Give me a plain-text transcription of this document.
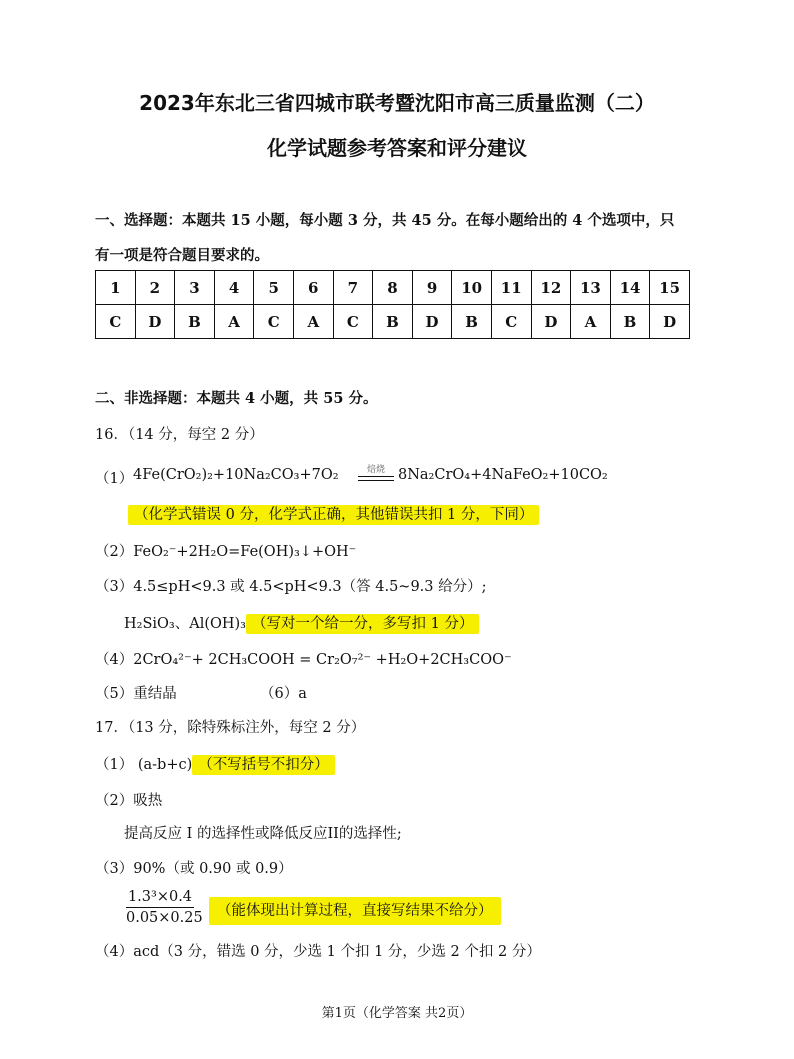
2023年东北三省四城市联考暨沈阳市高三质量监测（二）
化学试题参考答案和评分建议
一、选择题：本题共 15 小题，每小题 3 分，共 45 分。在每小题给出的 4 个选项中，只
有一项是符合题目要求的。
1	2	3	4	5	6	7	8	9	10	11	12	13	14	15
C	D	B	A	C	A	C	B	D	B	C	D	A	B	D
二、非选择题：本题共 4 小题，共 55 分。
16．（14 分，每空 2 分）
（1） 4Fe(CrO₂)₂+10Na₂CO₃+7O₂	焙烧 8Na₂CrO₄+4NaFeO₂+10CO₂
（化学式错误 0 分，化学式正确，其他错误共扣 1 分，下同）
（2）FeO₂⁻+2H₂O=Fe(OH)₃↓+OH⁻
（3）4.5≤pH<9.3 或 4.5<pH<9.3（答 4.5~9.3 给分）;
H₂SiO₃、Al(OH)₃ （写对一个给一分，多写扣 1 分）
（4）2CrO₄²⁻+ 2CH₃COOH = Cr₂O₇²⁻ +H₂O+2CH₃COO⁻
（5）重结晶	（6）a
17．（13 分，除特殊标注外，每空 2 分）
（1） (a-b+c) （不写括号不扣分）
（2）吸热
提高反应 I 的选择性或降低反应II的选择性;
（3）90%（或 0.90 或 0.9）
$\frac{\text{1.3³×0.4}}{0.05\times 0.25}$	（能体现出计算过程，直接写结果不给分）
（4）acd（3 分，错选 0 分，少选 1 个扣 1 分，少选 2 个扣 2 分）
第1页（化学答案 共2页）
